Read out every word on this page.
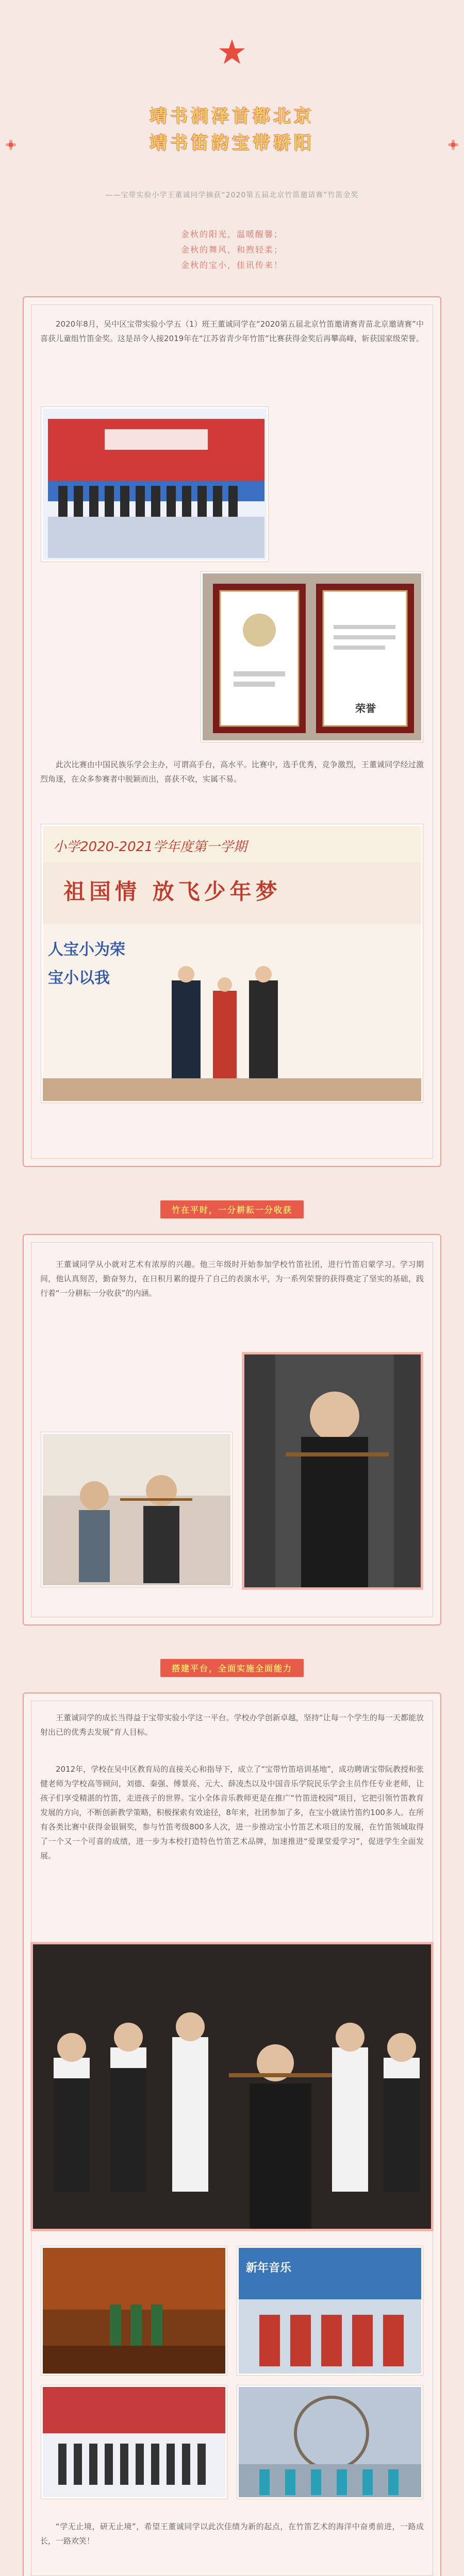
靖书润泽首都北京
靖书笛韵宝带骄阳
——宝带实验小学王董诚同学摘获“2020第五届北京竹笛邀请赛”竹笛金奖
金秋的阳光，温暖醒馨；
金秋的舞风，和煦轻柔；
金秋的宝小，佳讯传来！
2020年8月，吴中区宝带实验小学五（1）班王董诚同学在“2020第五届北京竹笛邀请赛青苗北京邀请赛”中喜获儿童组竹笛金奖。这是昂令人接2019年在“江苏省青少年竹笛”比赛获得金奖后再攀高峰，斩获国家级荣誉。
荣誉
此次比赛由中国民族乐学会主办，可谓高手台，高水平。比赛中，选手优秀，竞争激烈，王董诚同学经过激烈角逐，在众多参赛者中脱颖而出，喜获不收，实属不易。
小学2020-2021学年度第一学期
祖国情 放飞少年梦
人宝小为荣
宝小以我
竹在平时，一分耕耘一分收获
王董诚同学从小就对艺术有浓厚的兴趣。他三年级时开始参加学校竹笛社团，进行竹笛启蒙学习。学习期间，他认真刻苦，勤奋努力，在日积月累的提升了自己的表演水平，为一系列荣誉的获得奠定了坚实的基础，践行着“一分耕耘一分收获”的内涵。
搭建平台，全面实施全面能力
王董诚同学的成长当得益于宝带实验小学这一平台。学校办学创新卓越，坚持“让每一个学生的每一天都能放射出已的优秀去发展”育人目标。
2012年，学校在吴中区教育局的直接关心和指导下，成立了“宝带竹笛培训基地”，成功聘请宝带阮教授和张健老师为学校高等顾问，刘德、秦强、傅景亮、元大、薛凌杰以及中国音乐学院民乐学会主员作任专业老师，让孩子们享受精湛的竹笛，走进孩子的世界。宝小全体音乐教师更是在推广“竹笛进校园”项目，它把引领竹笛教育发展的方向，不断创新教学策略，积极探索有效途径，8年来，社团参加了多，在宝小就读竹笛约100多人。在所有各类比赛中获得金银铜奖，参与竹笛考级800多人次，进一步推动宝小竹笛艺术项目的发展，在竹笛领域取得了一个又一个可喜的成绩，进一步为本校打造特色竹笛艺术品牌，加速推进“爱课堂爱学习”，促进学生全面发展。
新年音乐
“学无止境，研无止境”，希望王董诚同学以此次佳绩为新的起点，在竹笛艺术的海洋中奋勇前进，一路成长，一路欢笑！
